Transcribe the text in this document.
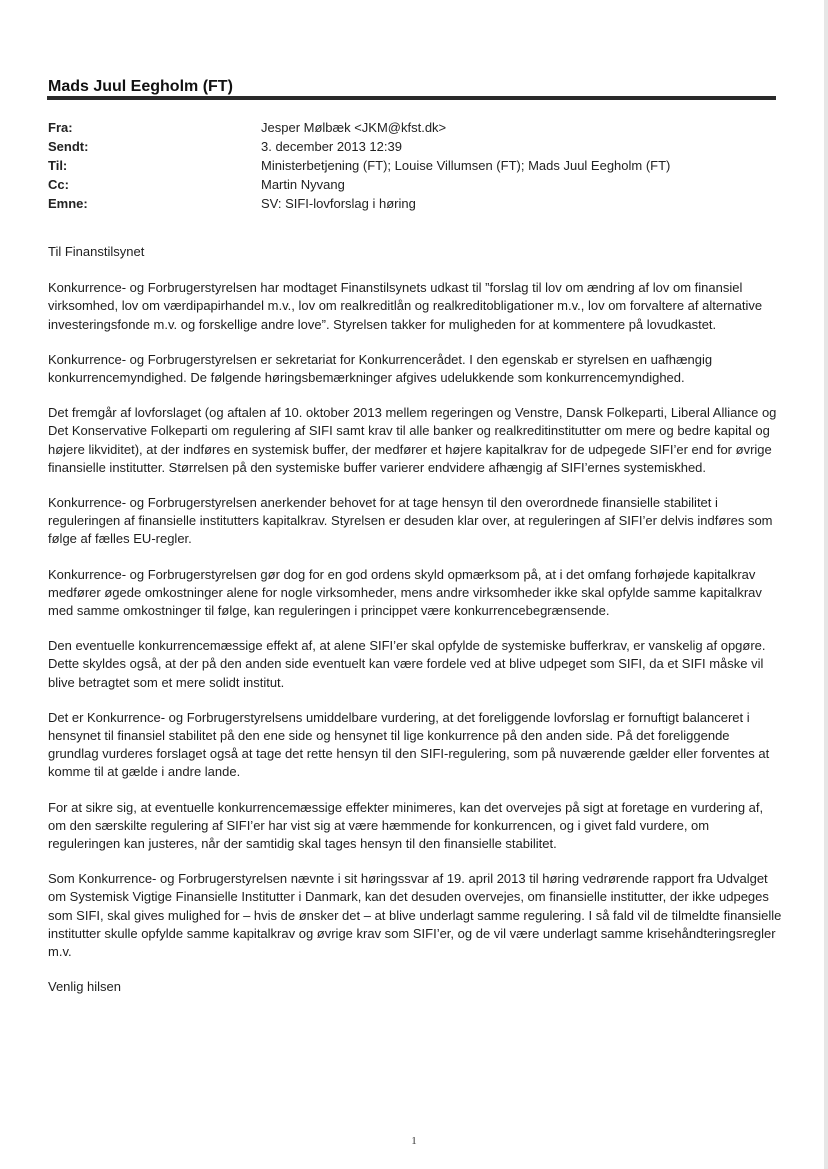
Mads Juul Eegholm (FT)
Fra:	Jesper Mølbæk <JKM@kfst.dk>
Sendt:	3. december 2013 12:39
Til:	Ministerbetjening (FT); Louise Villumsen (FT); Mads Juul Eegholm (FT)
Cc:	Martin Nyvang
Emne:	SV: SIFI-lovforslag i høring

Til Finanstilsynet

Konkurrence- og Forbrugerstyrelsen har modtaget Finanstilsynets udkast til ”forslag til lov om ændring af lov om finansiel virksomhed, lov om værdipapirhandel m.v., lov om realkreditlån og realkreditobligationer m.v., lov om forvaltere af alternative investeringsfonde m.v. og forskellige andre love”. Styrelsen takker for muligheden for at kommentere på lovudkastet.

Konkurrence- og Forbrugerstyrelsen er sekretariat for Konkurrencerådet. I den egenskab er styrelsen en uafhængig konkurrencemyndighed. De følgende høringsbemærkninger afgives udelukkende som konkurrencemyndighed.

Det fremgår af lovforslaget (og aftalen af 10. oktober 2013 mellem regeringen og Venstre, Dansk Folkeparti, Liberal Alliance og Det Konservative Folkeparti om regulering af SIFI samt krav til alle banker og realkreditinstitutter om mere og bedre kapital og højere likviditet), at der indføres en systemisk buffer, der medfører et højere kapitalkrav for de udpegede SIFI’er end for øvrige finansielle institutter. Størrelsen på den systemiske buffer varierer endvidere afhængig af SIFI’ernes systemiskhed.

Konkurrence- og Forbrugerstyrelsen anerkender behovet for at tage hensyn til den overordnede finansielle stabilitet i reguleringen af finansielle institutters kapitalkrav. Styrelsen er desuden klar over, at reguleringen af SIFI’er delvis indføres som følge af fælles EU-regler.

Konkurrence- og Forbrugerstyrelsen gør dog for en god ordens skyld opmærksom på, at i det omfang forhøjede kapitalkrav medfører øgede omkostninger alene for nogle virksomheder, mens andre virksomheder ikke skal opfylde samme kapitalkrav med samme omkostninger til følge, kan reguleringen i princippet være konkurrencebegrænsende.

Den eventuelle konkurrencemæssige effekt af, at alene SIFI’er skal opfylde de systemiske bufferkrav, er vanskelig af opgøre. Dette skyldes også, at der på den anden side eventuelt kan være fordele ved at blive udpeget som SIFI, da et SIFI måske vil blive betragtet som et mere solidt institut.

Det er Konkurrence- og Forbrugerstyrelsens umiddelbare vurdering, at det foreliggende lovforslag er fornuftigt balanceret i hensynet til finansiel stabilitet på den ene side og hensynet til lige konkurrence på den anden side. På det foreliggende grundlag vurderes forslaget også at tage det rette hensyn til den SIFI-regulering, som på nuværende gælder eller forventes at komme til at gælde i andre lande.

For at sikre sig, at eventuelle konkurrencemæssige effekter minimeres, kan det overvejes på sigt at foretage en vurdering af, om den særskilte regulering af SIFI’er har vist sig at være hæmmende for konkurrencen, og i givet fald vurdere, om reguleringen kan justeres, når der samtidig skal tages hensyn til den finansielle stabilitet.

Som Konkurrence- og Forbrugerstyrelsen nævnte i sit høringssvar af 19. april 2013 til høring vedrørende rapport fra Udvalget om Systemisk Vigtige Finansielle Institutter i Danmark, kan det desuden overvejes, om finansielle institutter, der ikke udpeges som SIFI, skal gives mulighed for – hvis de ønsker det – at blive underlagt samme regulering. I så fald vil de tilmeldte finansielle institutter skulle opfylde samme kapitalkrav og øvrige krav som SIFI’er, og de vil være underlagt samme krisehåndteringsregler m.v.

Venlig hilsen

1
